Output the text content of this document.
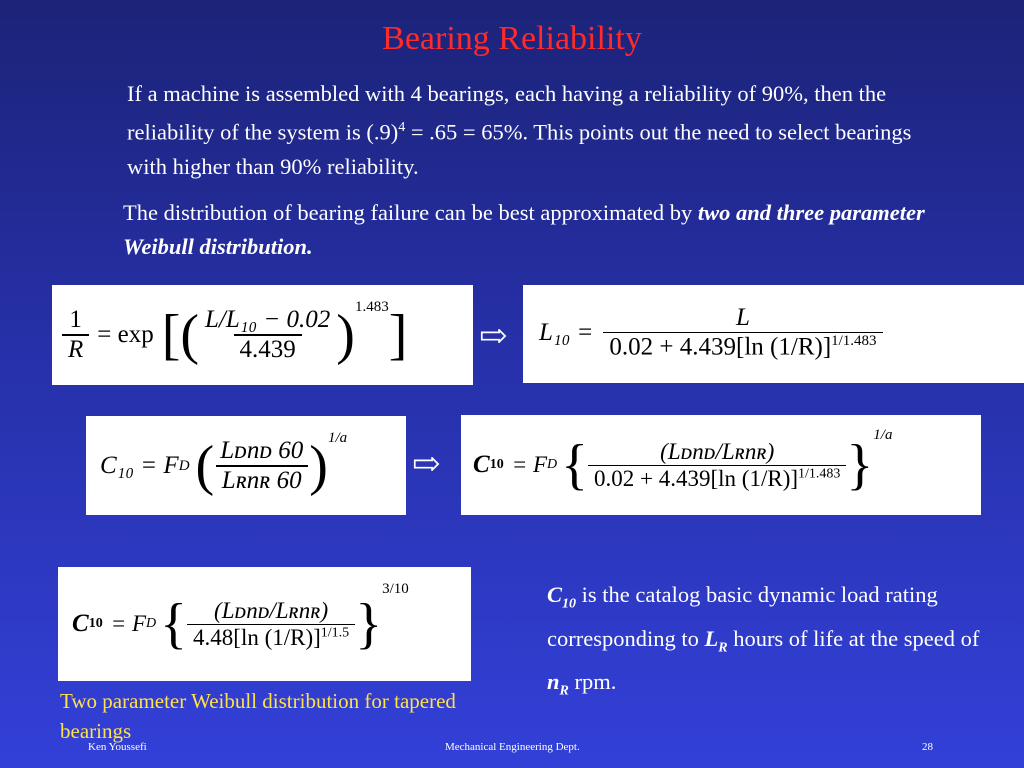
Bearing Reliability
If a machine is assembled with 4 bearings, each having a reliability of 90%, then the reliability of the system is $(.9)^4 = .65 = 65\%$. This points out the need to select bearings with higher than 90% reliability.
The distribution of bearing failure can be best approximated by two and three parameter Weibull distribution.
$\frac{1}{R} = \exp$ [( $\frac{\text{L/L₁₀ − 0.02}}{4.439} )^{1.483}$ ] ⇨ $L_{10} = \frac{L}{0.02 + 4.439[\ln (1/R)]^{1/1.483}}$
C₁₀ = F D ( $\frac{\text{Lᴅnᴅ 60}}{\text{Lʀnʀ 60}} )^{1/a}$
⇨ C 10 = F D { $\frac{\text{(Lᴅnᴅ/Lʀnʀ)}}{0.02 + 4.439[\ln (1/R)]^{1/1.483}} \}^{1/a}$
C 10 = F D { $\frac{\text{(Lᴅnᴅ/Lʀnʀ)}}{4.48[\ln (1/R)]^{1/1.5}}$ }
$^{3/10}$	$C_{10}$ is the catalog basic dynamic load rating corresponding to $L_R$ hours of life at the speed of $n_R$ rpm.
Two parameter Weibull distribution for tapered bearings
Ken Youssefi	Mechanical Engineering Dept.	28
